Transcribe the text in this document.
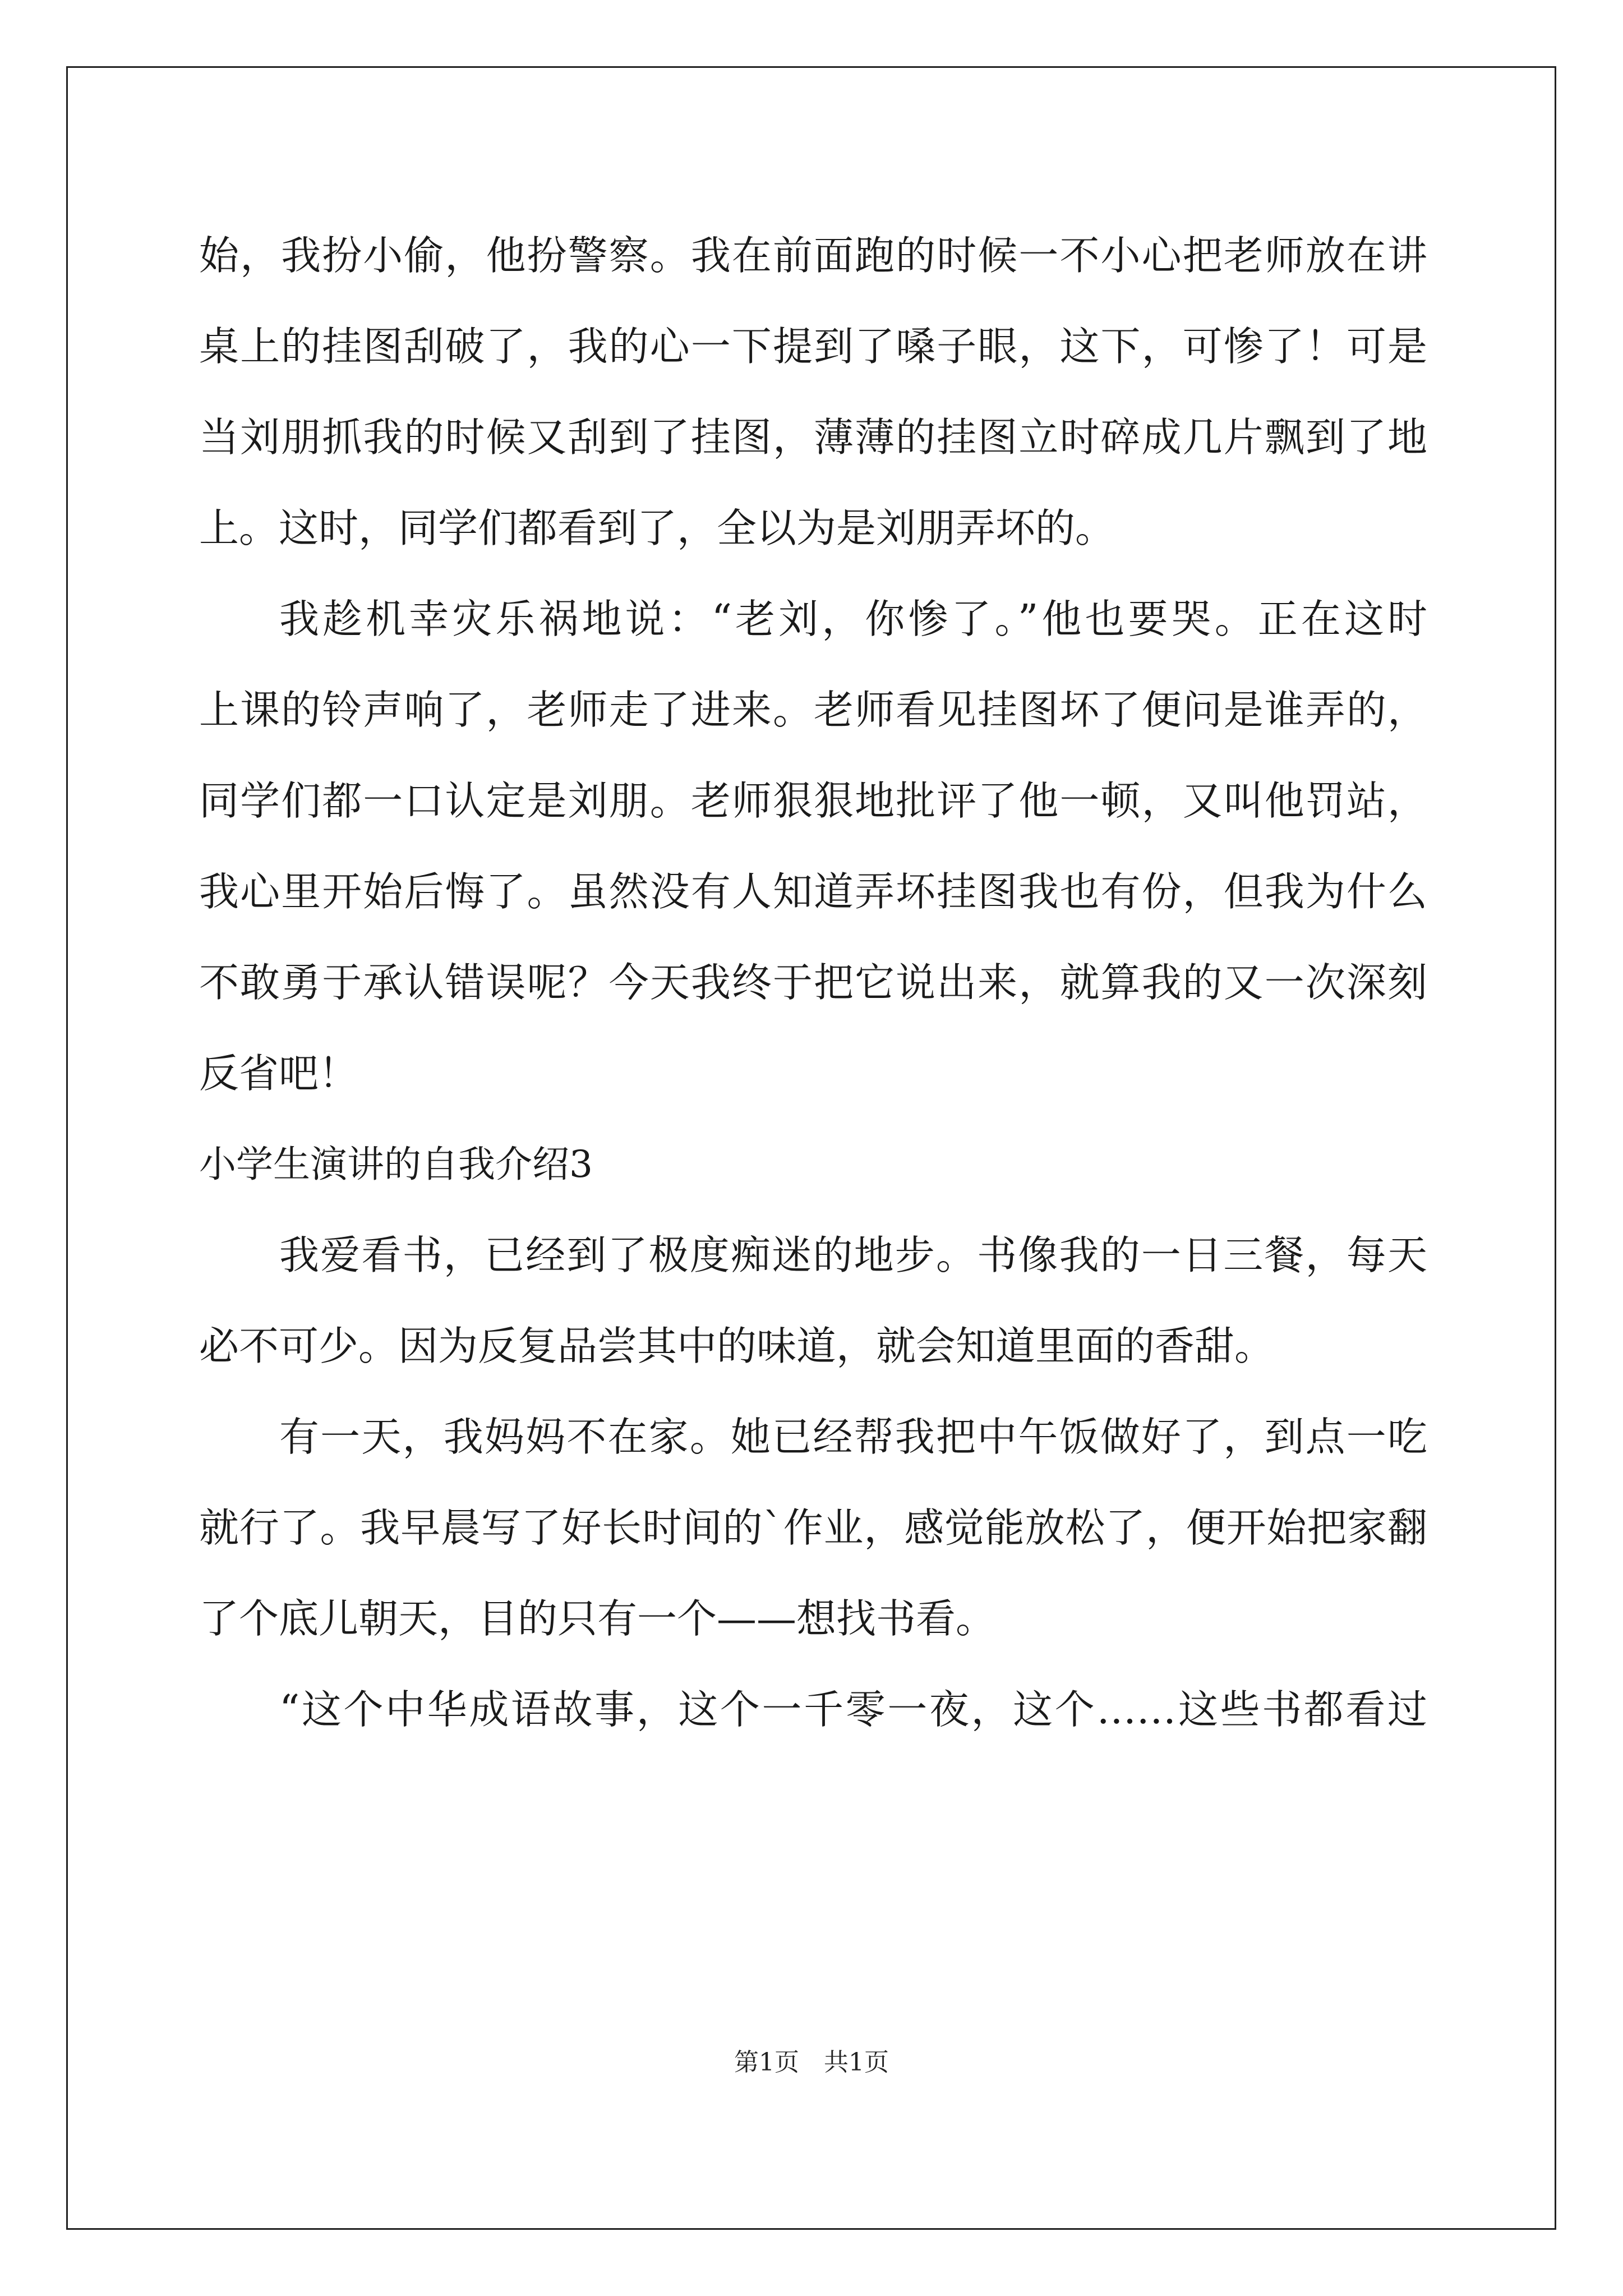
始，我扮小偷，他扮警察。我在前面跑的时候一不小心把老师放在讲
桌上的挂图刮破了，我的心一下提到了嗓子眼，这下，可惨了！可是
当刘朋抓我的时候又刮到了挂图，薄薄的挂图立时碎成几片飘到了地
上。这时，同学们都看到了，全以为是刘朋弄坏的。
我趁机幸灾乐祸地说：“老刘，你惨了。”他也要哭。正在这时
上课的铃声响了，老师走了进来。老师看见挂图坏了便问是谁弄的，
同学们都一口认定是刘朋。老师狠狠地批评了他一顿，又叫他罚站，
我心里开始后悔了。虽然没有人知道弄坏挂图我也有份，但我为什么
不敢勇于承认错误呢？今天我终于把它说出来，就算我的又一次深刻
反省吧！
小学生演讲的自我介绍3
我爱看书，已经到了极度痴迷的地步。书像我的一日三餐，每天
必不可少。因为反复品尝其中的味道，就会知道里面的香甜。
有一天，我妈妈不在家。她已经帮我把中午饭做好了，到点一吃
就行了。我早晨写了好长时间的`作业，感觉能放松了，便开始把家翻
了个底儿朝天，目的只有一个——想找书看。
“这个中华成语故事，这个一千零一夜，这个……这些书都看过
第1页　共1页
